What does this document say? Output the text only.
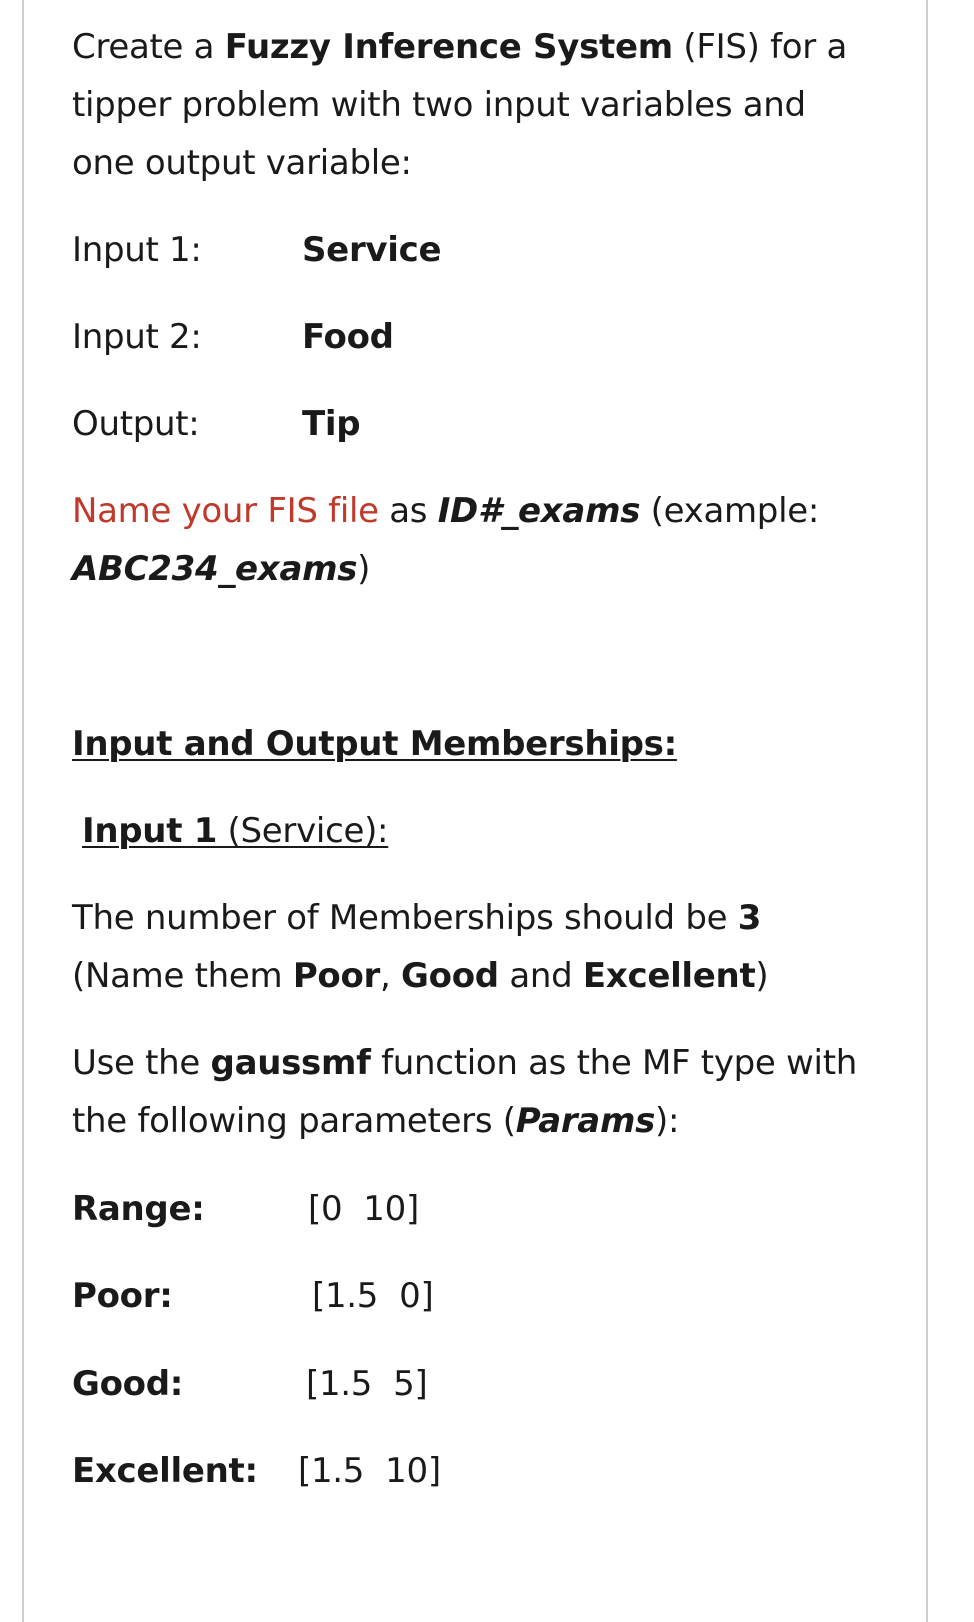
Create a Fuzzy Inference System (FIS) for a
tipper problem with two input variables and
one output variable:
Input 1:	Service
Input 2:	Food
Output:	Tip
Name your FIS file as ID#_exams (example:
ABC234_exams)
Input and Output Memberships:
Input 1 (Service):
The number of Memberships should be 3
(Name them Poor, Good and Excellent)
Use the gaussmf function as the MF type with
the following parameters (Params):
Range:	[0  10]
Poor:	[1.5  0]
Good:	[1.5  5]
Excellent: [1.5  10]
